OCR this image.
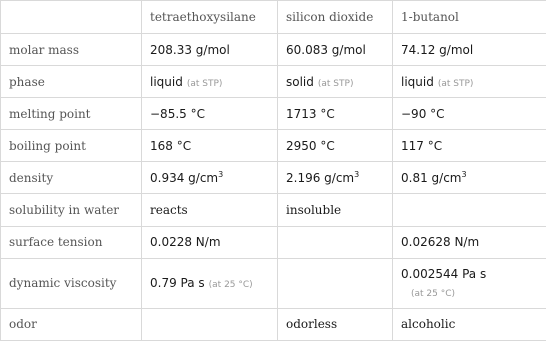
	tetraethoxysilane	silicon dioxide	1-butanol
molar mass	208.33 g/mol	60.083 g/mol	74.12 g/mol
phase	liquid (at STP)	solid (at STP)	liquid (at STP)
melting point	−85.5 °C	1713 °C	−90 °C
boiling point	168 °C	2950 °C	117 °C
density	0.934 $g/cm^3$	2.196 $g/cm^3$	0.81 $g/cm^3$
solubility in water	reacts	insoluble	
surface tension	0.0228 N/m		0.02628 N/m
dynamic viscosity	0.79 Pa s (at 25 °C)		0.002544 Pa s
(at 25 °C)

odor		odorless	alcoholic
